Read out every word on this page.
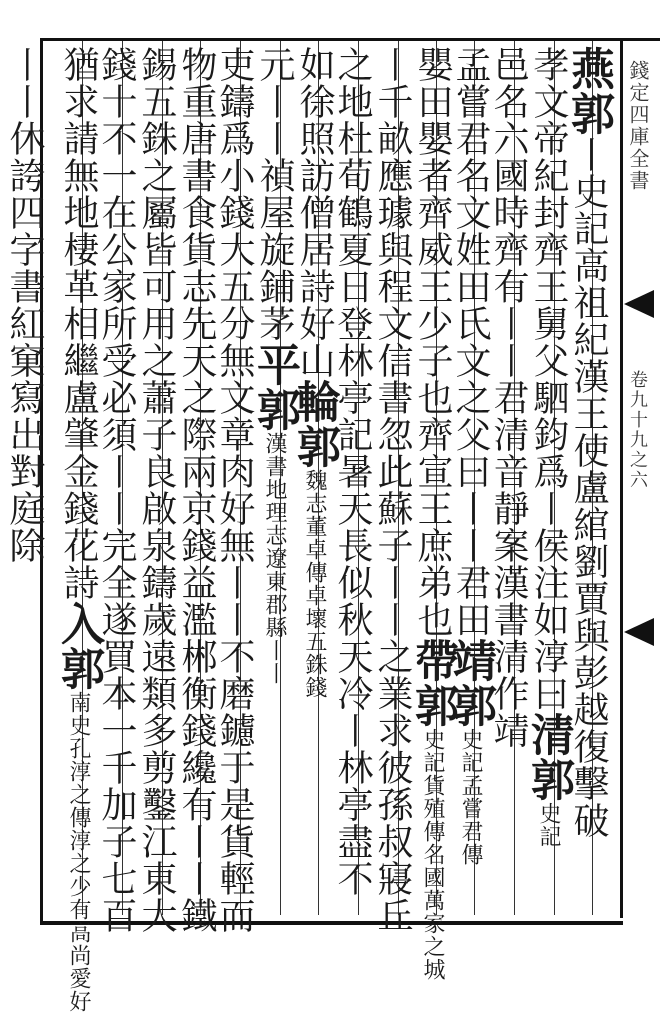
錢定四庫全書
卷九十九之六
燕郭丨史記高祖紀漢王使盧綰劉賈與彭越復擊破
孝文帝紀封齊王舅父駟鈞爲丨侯注如淳曰清郭史記
邑名六國時齊有丨丨君清音靜案漢書清作靖
孟嘗君名文姓田氏文之父曰丨丨君田靖郭史記孟嘗君傳
嬰田嬰者齊威王少子也齊宣王庶弟也帶郭史記貨殖傳名國萬家之城
丨千畝應璩與程文信書忽此蘇子丨丨之業求彼孫叔寢丘
之地杜荀鶴夏日登林亭記暑天長似秋天冷丨林亭盡不
如徐照訪僧居詩好山輪郭魏志董卓傳卓壞五銖錢
元丨丨禎屋旋鋪茅平郭漢書地理志遼東郡縣丨丨
吏鑄爲小錢大五分無文章肉好無丨丨不磨鑢于是貨輕而
物重唐書食貨志先天之際兩京錢益濫郴衡錢纔有丨丨鐵
錫五銖之屬皆可用之蕭子良啟泉鑄歲遠類多剪鑿江東大
錢十不一在公家所受必須丨丨完全遂買本一千加子七百
猶求請無地棲革相繼盧肇金錢花詩入郭南史孔淳之傳淳之少有高尚愛好
丨丨休誇四字書紅窠寫出對庭除
